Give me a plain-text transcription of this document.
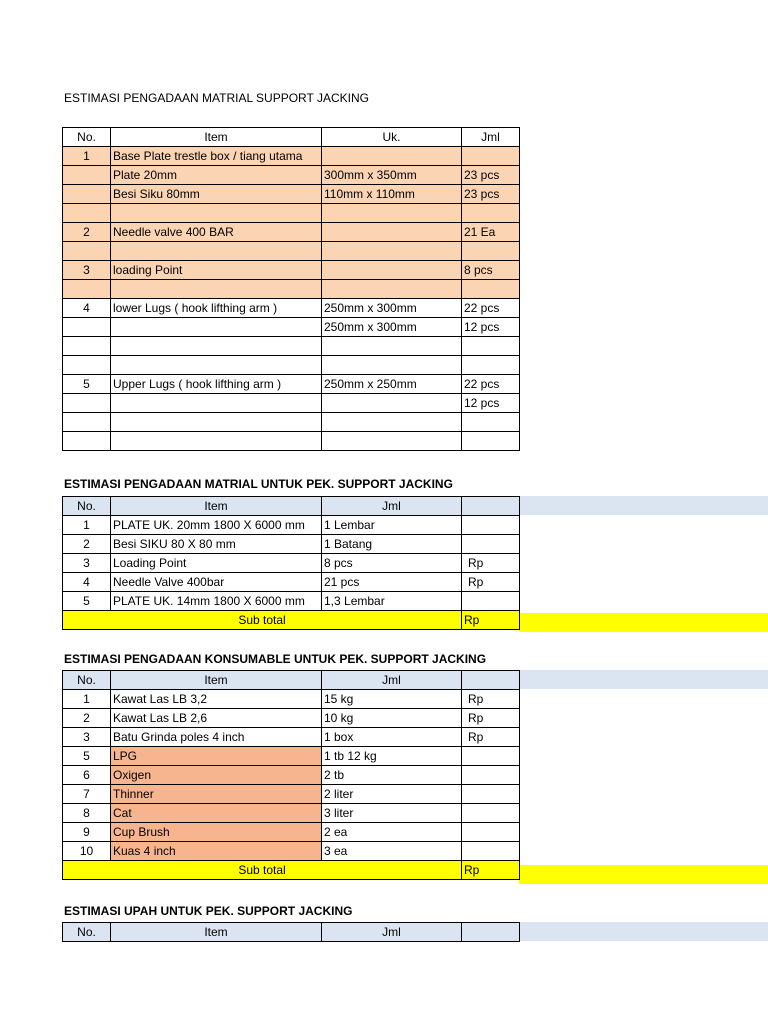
ESTIMASI PENGADAAN MATRIAL SUPPORT JACKING
No.	Item	Uk.	Jml
1	Base Plate trestle box / tiang utama		
	Plate 20mm	300mm x 350mm	23 pcs
	Besi Siku 80mm	110mm x 110mm	23 pcs

2	Needle valve 400 BAR		21 Ea

3	loading Point		8 pcs

4	lower Lugs ( hook lifthing arm )	250mm x 300mm	22 pcs
		250mm x 300mm	12 pcs

5	Upper Lugs ( hook lifthing arm )	250mm x 250mm	22 pcs
			12 pcs

ESTIMASI PENGADAAN MATRIAL UNTUK PEK. SUPPORT JACKING
No.	Item	Jml	
1	PLATE UK. 20mm 1800 X 6000 mm	1 Lembar	
2	Besi SIKU 80 X 80 mm	1 Batang	
3	Loading Point	8 pcs	Rp
4	Needle Valve 400bar	21 pcs	Rp
5	PLATE UK. 14mm 1800 X 6000 mm	1,3 Lembar	
Sub total			Rp
ESTIMASI PENGADAAN KONSUMABLE UNTUK PEK. SUPPORT JACKING
No.	Item	Jml	
1	Kawat Las LB 3,2	15 kg	Rp
2	Kawat Las LB 2,6	10 kg	Rp
3	Batu Grinda poles 4 inch	1 box	Rp
5	LPG	1 tb 12 kg	
6	Oxigen	2 tb	
7	Thinner	2 liter	
8	Cat	3 liter	
9	Cup Brush	2 ea	
10	Kuas 4 inch	3 ea	
Sub total			Rp
ESTIMASI UPAH UNTUK PEK. SUPPORT JACKING
No.	Item	Jml	
